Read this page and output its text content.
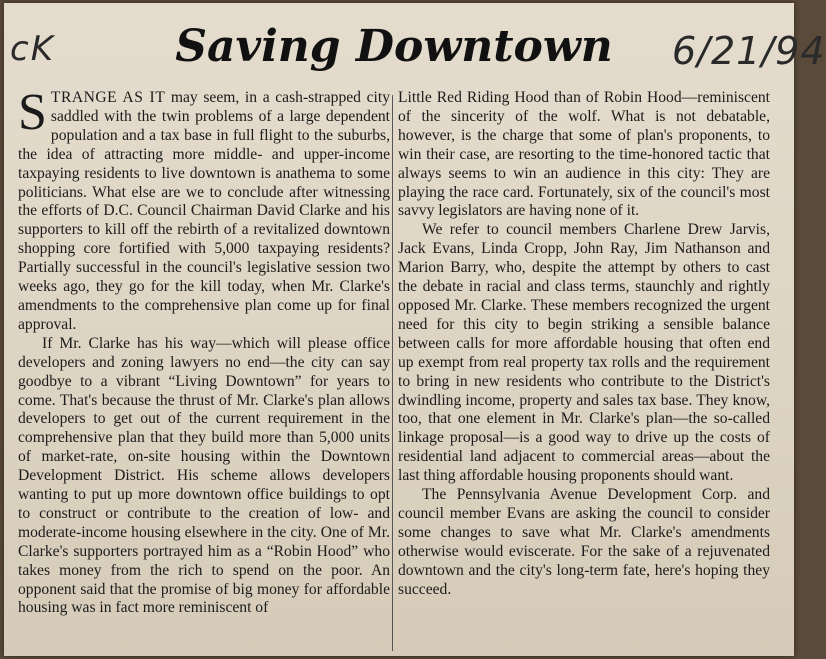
cK	Saving Downtown	6/21/94

STRANGE AS IT may seem, in a cash-strapped city saddled with the twin problems of a large dependent population and a tax base in full flight to the suburbs, the idea of attracting more middle- and upper-income taxpaying residents to live downtown is anathema to some politicians. What else are we to conclude after witnessing the efforts of D.C. Council Chairman David Clarke and his supporters to kill off the rebirth of a revitalized downtown shopping core fortified with 5,000 taxpaying residents? Partially successful in the council's legislative session two weeks ago, they go for the kill today, when Mr. Clarke's amendments to the comprehensive plan come up for final approval.

If Mr. Clarke has his way—which will please office developers and zoning lawyers no end—the city can say goodbye to a vibrant “Living Downtown” for years to come. That's because the thrust of Mr. Clarke's plan allows developers to get out of the current requirement in the comprehensive plan that they build more than 5,000 units of market-rate, on-site housing within the Downtown Development District. His scheme allows developers wanting to put up more downtown office buildings to opt to construct or contribute to the creation of low- and moderate-income housing elsewhere in the city. One of Mr. Clarke's supporters portrayed him as a “Robin Hood” who takes money from the rich to spend on the poor. An opponent said that the promise of big money for affordable housing was in fact more reminiscent of

Little Red Riding Hood than of Robin Hood—reminiscent of the sincerity of the wolf. What is not debatable, however, is the charge that some of plan's proponents, to win their case, are resorting to the time-honored tactic that always seems to win an audience in this city: They are playing the race card. Fortunately, six of the council's most savvy legislators are having none of it.

We refer to council members Charlene Drew Jarvis, Jack Evans, Linda Cropp, John Ray, Jim Nathanson and Marion Barry, who, despite the attempt by others to cast the debate in racial and class terms, staunchly and rightly opposed Mr. Clarke. These members recognized the urgent need for this city to begin striking a sensible balance between calls for more affordable housing that often end up exempt from real property tax rolls and the requirement to bring in new residents who contribute to the District's dwindling income, property and sales tax base. They know, too, that one element in Mr. Clarke's plan—the so-called linkage proposal—is a good way to drive up the costs of residential land adjacent to commercial areas—about the last thing affordable housing proponents should want.

The Pennsylvania Avenue Development Corp. and council member Evans are asking the council to consider some changes to save what Mr. Clarke's amendments otherwise would eviscerate. For the sake of a rejuvenated downtown and the city's long-term fate, here's hoping they succeed.
